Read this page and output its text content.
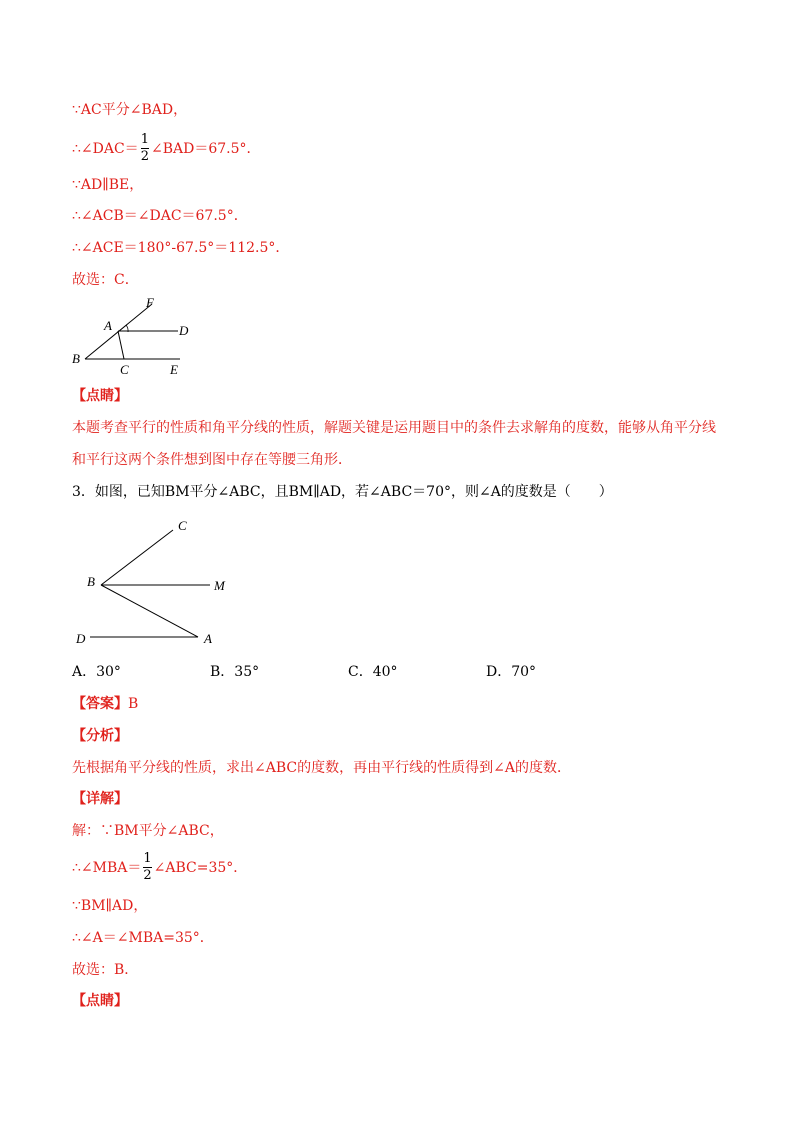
∵AC平分∠BAD，
∴∠DAC＝ $\frac{1}{2}$ ∠BAD＝67.5°．
∵AD∥BE，
∴∠ACB＝∠DAC＝67.5°．
∴∠ACE＝180°-67.5°＝112.5°．
故选：C．
F
A	D
B
C	E
【点睛】
本题考查平行的性质和角平分线的性质，解题关键是运用题目中的条件去求解角的度数，能够从角平分线和平行这两个条件想到图中存在等腰三角形．
3．如图，已知BM平分∠ABC，且BM∥AD，若∠ABC＝70°，则∠A的度数是（　　）
C
B	M
D	A
A．30°	B．35°	C．40°	D．70°
【答案】B
【分析】
先根据角平分线的性质，求出∠ABC的度数，再由平行线的性质得到∠A的度数．
【详解】
解：∵BM平分∠ABC，
∴∠MBA＝ $\frac{1}{2}$ ∠ABC=35°．
∵BM∥AD，
∴∠A＝∠MBA=35°．
故选：B．
【点睛】
